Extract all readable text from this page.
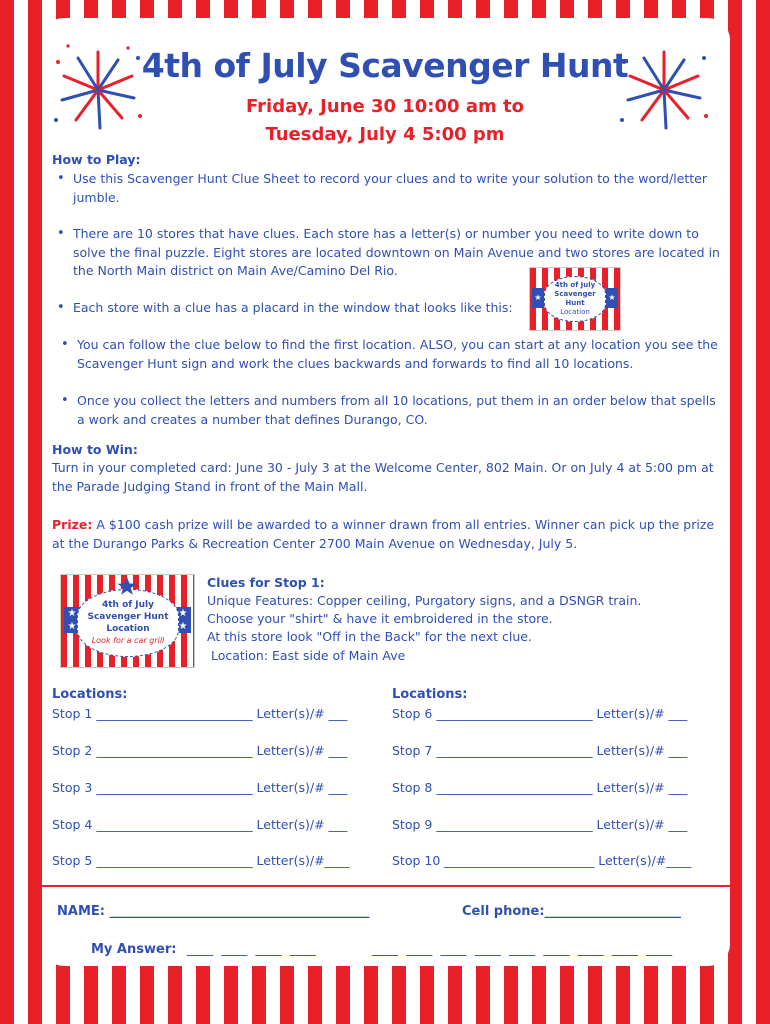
4th of July Scavenger Hunt
Friday, June 30 10:00 am to
Tuesday, July 4 5:00 pm
How to Play:
• Use this Scavenger Hunt Clue Sheet to record your clues and to write your solution to the word/letter jumble.
• There are 10 stores that have clues. Each store has a letter(s) or number you need to write down to solve the final puzzle. Eight stores are located downtown on Main Avenue and two stores are located in the North Main district on Main Ave/Camino Del Rio.
• Each store with a clue has a placard in the window that looks like this:
★	★
4th of July
Scavenger Hunt
Location
• You can follow the clue below to find the first location. ALSO, you can start at any location you see the Scavenger Hunt sign and work the clues backwards and forwards to find all 10 locations.
• Once you collect the letters and numbers from all 10 locations, put them in an order below that spells a work and creates a number that defines Durango, CO.
How to Win:
Turn in your completed card: June 30 - July 3 at the Welcome Center, 802 Main. Or on July 4 at 5:00 pm at the Parade Judging Stand in front of the Main Mall.
Prize: A $100 cash prize will be awarded to a winner drawn from all entries. Winner can pick up the prize at the Durango Parks & Recreation Center 2700 Main Avenue on Wednesday, July 5.
★
★
★
★
4th of July
Scavenger Hunt
Location
Look for a car grill
Clues for Stop 1:
Unique Features: Copper ceiling, Purgatory signs, and a DSNGR train.
Choose your "shirt" & have it embroidered in the store.
At this store look "Off in the Back" for the next clue.
Location: East side of Main Ave
Locations:	Locations:
Stop 1 _________________________ Letter(s)/# ___
Stop 2 _________________________ Letter(s)/# ___
Stop 3 _________________________ Letter(s)/# ___
Stop 4 _________________________ Letter(s)/# ___
Stop 5 _________________________ Letter(s)/#____
Stop 6 _________________________ Letter(s)/# ___
Stop 7 _________________________ Letter(s)/# ___
Stop 8 _________________________ Letter(s)/# ___
Stop 9 _________________________ Letter(s)/# ___
Stop 10 ________________________ Letter(s)/#____
NAME: ________________________________________	Cell phone:_____________________
My Answer: ____  ____  ____  ____	____  ____  ____  ____  ____  ____  ____  ____  ____
